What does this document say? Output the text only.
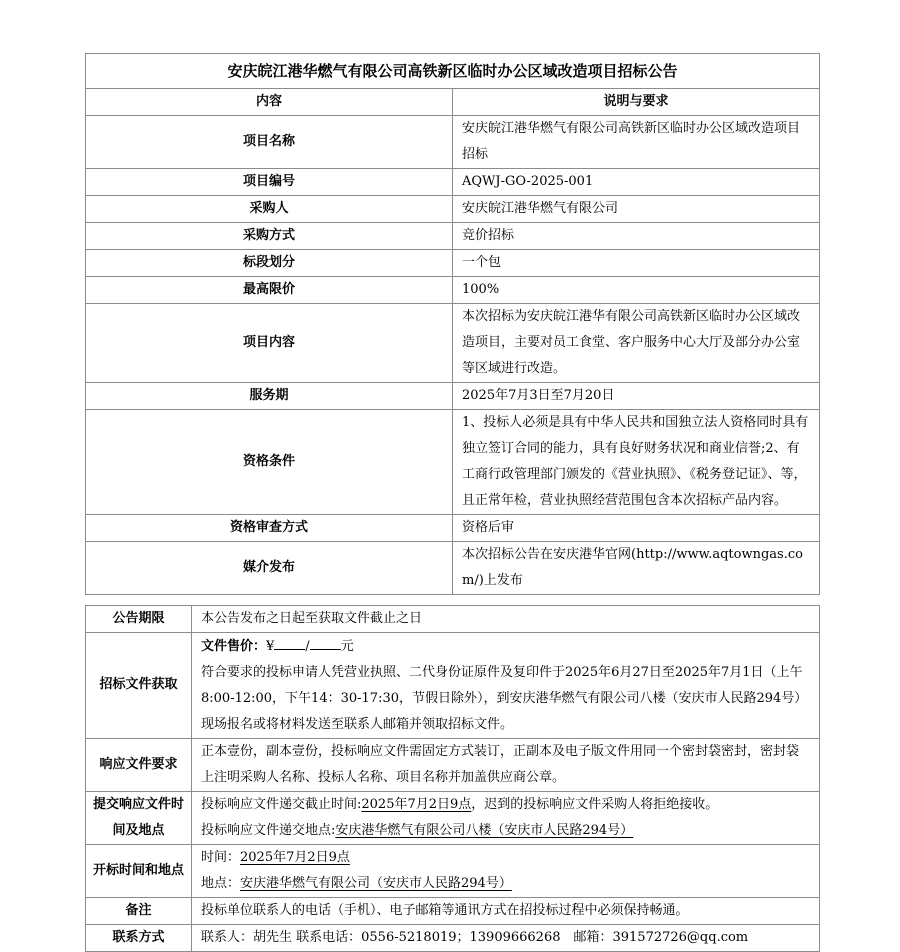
安庆皖江港华燃气有限公司高铁新区临时办公区域改造项目招标公告	
内容	说明与要求
项目名称	安庆皖江港华燃气有限公司高铁新区临时办公区域改造项目招标
项目编号	AQWJ-GO-2025-001
采购人	安庆皖江港华燃气有限公司
采购方式	竞价招标
标段划分	一个包
最高限价	100%
项目内容	本次招标为安庆皖江港华有限公司高铁新区临时办公区域改造项目，主要对员工食堂、客户服务中心大厅及部分办公室等区域进行改造。
服务期	2025年7月3日至7月20日
资格条件	1、投标人必须是具有中华人民共和国独立法人资格同时具有独立签订合同的能力，具有良好财务状况和商业信誉;2、有工商行政管理部门颁发的《营业执照》、《税务登记证》、等，且正常年检，营业执照经营范围包含本次招标产品内容。
资格审查方式	资格后审
媒介发布	本次招标公告在安庆港华官网(http://www.aqtowngas.com/)上发布
公告期限	本公告发布之日起至获取文件截止之日
招标文件获取	文件售价：¥ / 元
符合要求的投标申请人凭营业执照、二代身份证原件及复印件于2025年6月27日至2025年7月1日（上午8:00-12:00，下午14：30-17:30，节假日除外），到安庆港华燃气有限公司八楼（安庆市人民路294号）现场报名或将材料发送至联系人邮箱并领取招标文件。

响应文件要求	正本壹份，副本壹份，投标响应文件需固定方式装订，正副本及电子版文件用同一个密封袋密封，密封袋上注明采购人名称、投标人名称、项目名称并加盖供应商公章。
提交响应文件时间及地点	投标响应文件递交截止时间:2025年7月2日9点，迟到的投标响应文件采购人将拒绝接收。
投标响应文件递交地点:安庆港华燃气有限公司八楼（安庆市人民路294号）

开标时间和地点	时间：2025年7月2日9点
地点：安庆港华燃气有限公司（安庆市人民路294号）

备注	投标单位联系人的电话（手机）、电子邮箱等通讯方式在招投标过程中必须保持畅通。
联系方式	联系人：胡先生 联系电话：0556-5218019；13909666268　邮箱：391572726@qq.com
